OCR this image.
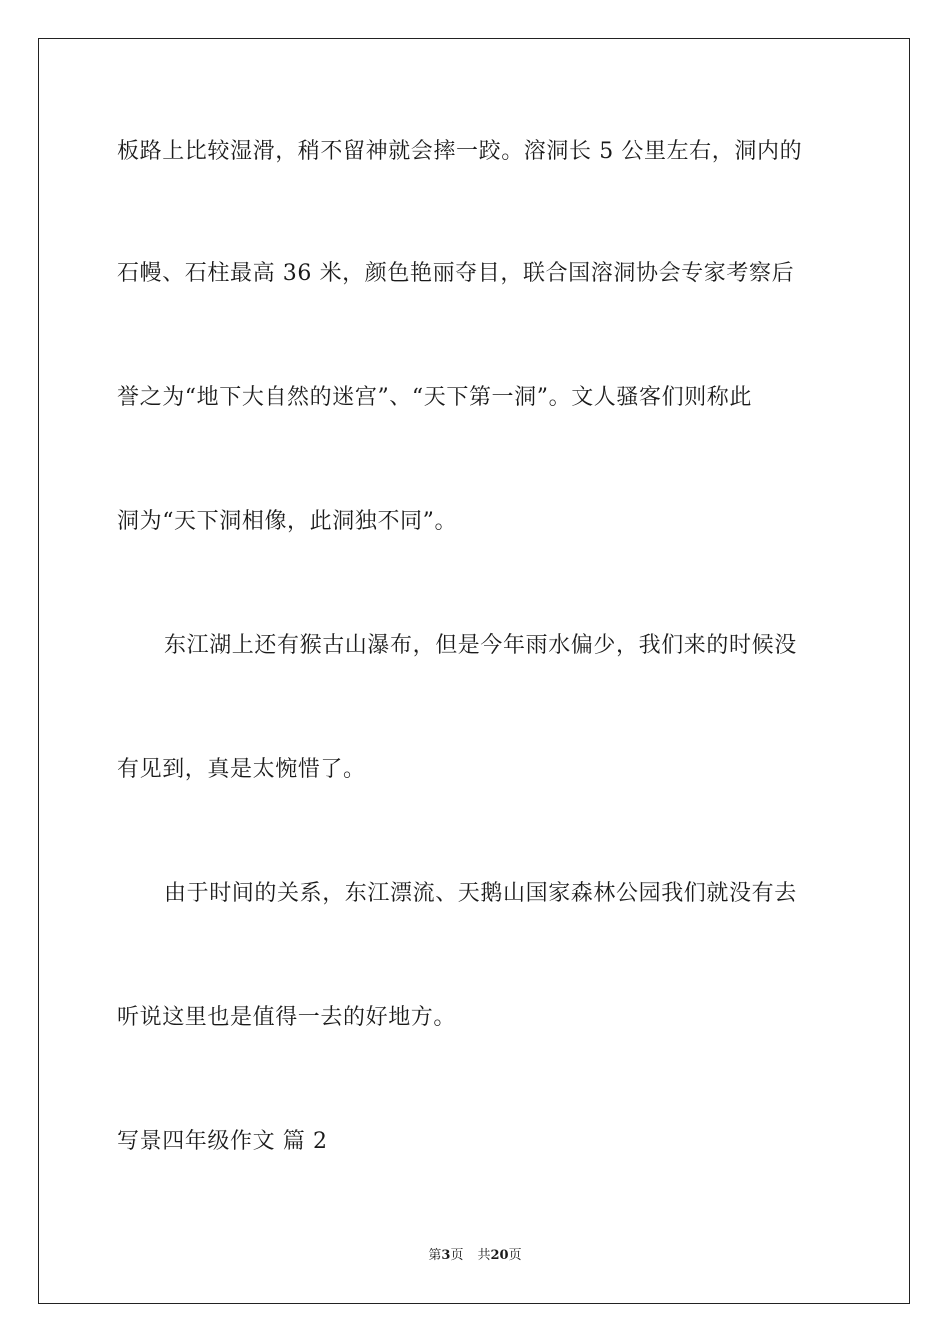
板路上比较湿滑，稍不留神就会摔一跤。溶洞长 5 公里左右，洞内的
石幔、石柱最高 36 米，颜色艳丽夺目，联合国溶洞协会专家考察后
誉之为“地下大自然的迷宫”、“天下第一洞”。文人骚客们则称此
洞为“天下洞相像，此洞独不同”。
东江湖上还有猴古山瀑布，但是今年雨水偏少，我们来的时候没
有见到，真是太惋惜了。
由于时间的关系，东江漂流、天鹅山国家森林公园我们就没有去
听说这里也是值得一去的好地方。
写景四年级作文 篇 2
第3页 共20页
